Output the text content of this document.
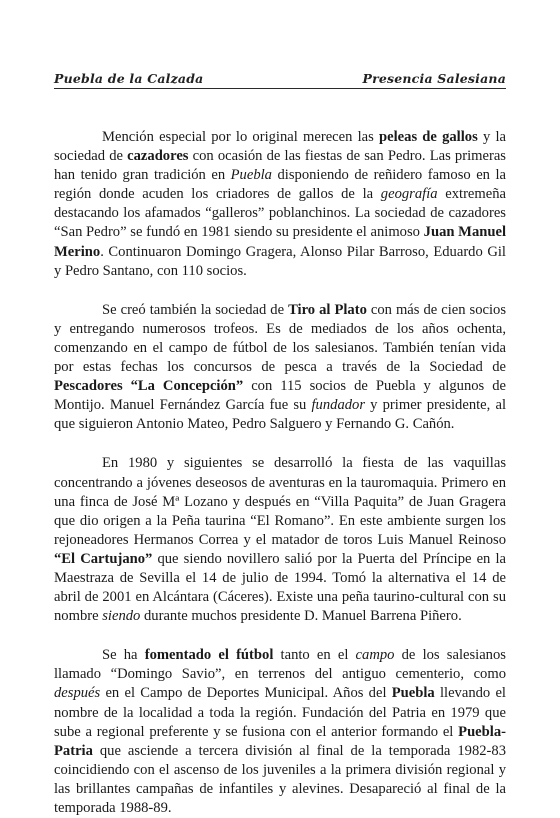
Puebla de la Calzada	Presencia Salesiana

Mención especial por lo original merecen las peleas de gallos y la sociedad de cazadores con ocasión de las fiestas de san Pedro. Las primeras han tenido gran tradición en Puebla disponiendo de reñidero famoso en la región donde acuden los criadores de gallos de la geografía extremeña destacando los afamados “galleros” poblanchinos. La sociedad de cazadores “San Pedro” se fundó en 1981 siendo su presidente el animoso Juan Manuel Merino. Continuaron Domingo Gragera, Alonso Pilar Barroso, Eduardo Gil y Pedro Santano, con 110 socios.

Se creó también la sociedad de Tiro al Plato con más de cien socios y entregando numerosos trofeos. Es de mediados de los años ochenta, comenzando en el campo de fútbol de los salesianos. También tenían vida por estas fechas los concursos de pesca a través de la Sociedad de Pescadores “La Concepción” con 115 socios de Puebla y algunos de Montijo. Manuel Fernández García fue su fundador y primer presidente, al que siguieron Antonio Mateo, Pedro Salguero y Fernando G. Cañón.

En 1980 y siguientes se desarrolló la fiesta de las vaquillas concentrando a jóvenes deseosos de aventuras en la tauromaquia. Primero en una finca de José Mª Lozano y después en “Villa Paquita” de Juan Gragera que dio origen a la Peña taurina “El Romano”. En este ambiente surgen los rejoneadores Hermanos Correa y el matador de toros Luis Manuel Reinoso “El Cartujano” que siendo novillero salió por la Puerta del Príncipe en la Maestraza de Sevilla el 14 de julio de 1994. Tomó la alternativa el 14 de abril de 2001 en Alcántara (Cáceres). Existe una peña taurino-cultural con su nombre siendo durante muchos presidente D. Manuel Barrena Piñero.

Se ha fomentado el fútbol tanto en el campo de los salesianos llamado “Domingo Savio”, en terrenos del antiguo cementerio, como después en el Campo de Deportes Municipal. Años del Puebla llevando el nombre de la localidad a toda la región. Fundación del Patria en 1979 que sube a regional preferente y se fusiona con el anterior formando el Puebla-Patria que asciende a tercera división al final de la temporada 1982-83 coincidiendo con el ascenso de los juveniles a la primera división regional y las brillantes campañas de infantiles y alevines. Desapareció al final de la temporada 1988-89.
